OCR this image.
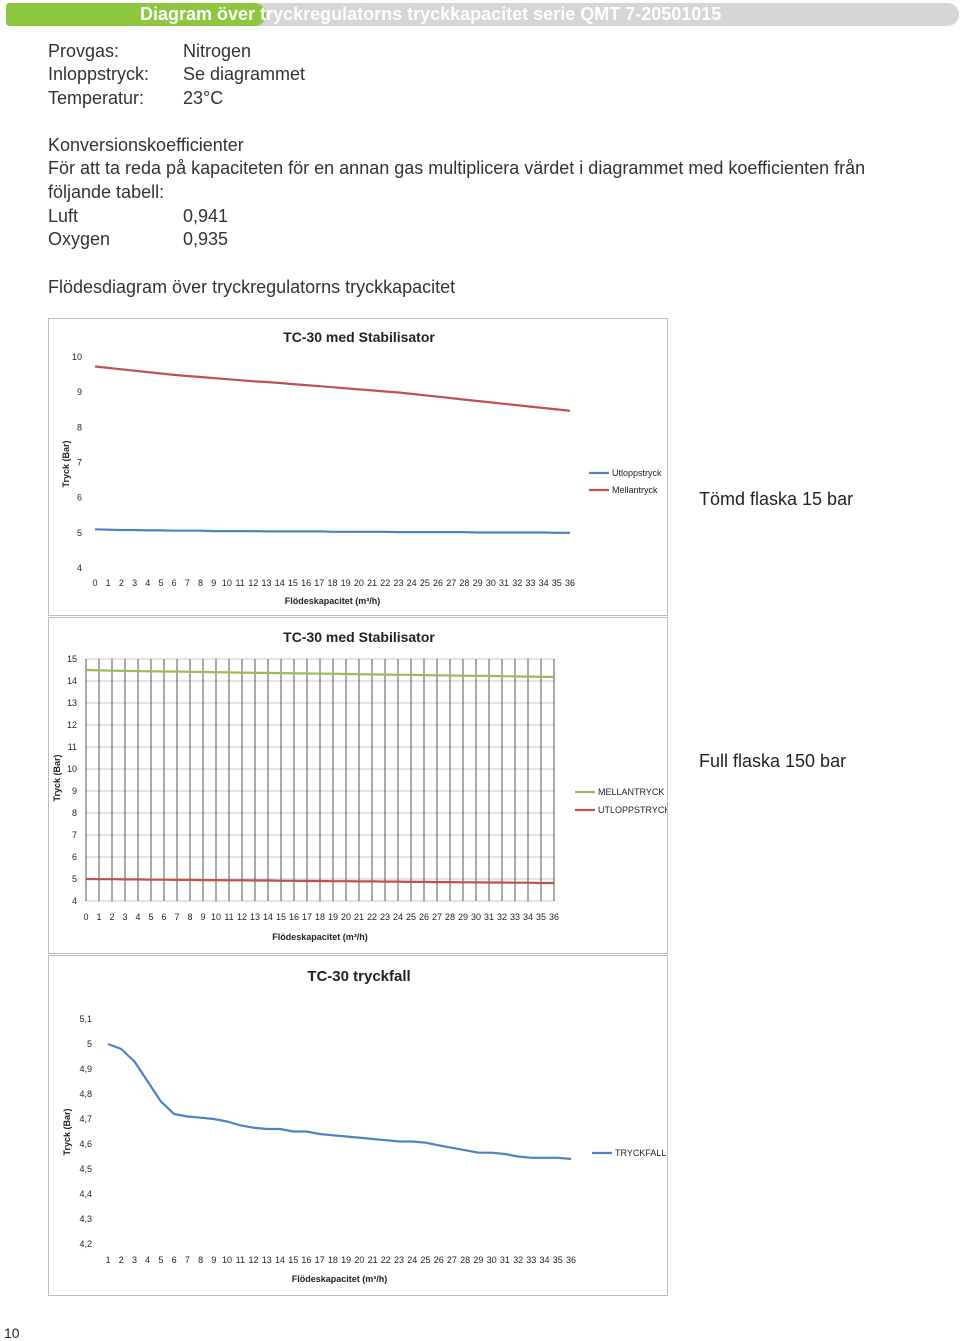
Diagram över tryckregulatorns tryckkapacitet serie QMT 7-20501015
Provgas:	Nitrogen
Inloppstryck: Se diagrammet
Temperatur: 23°C
Konversionskoefficienter
För att ta reda på kapaciteten för en annan gas multiplicera värdet i diagrammet med koefficienten från följande tabell:
Luft	0,941
Oxygen	0,935
Flödesdiagram över tryckregulatorns tryckkapacitet
TC-30 med Stabilisator
10
9
8
7
6
5
4
0 1 2 3 4 5 6 7 8 9 10 11 12 13 14 15 16 17 18 19 20 21 22 23 24 25 26 27 28 29 30 31 32 33 34 35 36
Flödeskapacitet (m³/h)
Tryck (Bar)	Utloppstryck
Mellantryck Tömd flaska 15 bar
TC-30 med Stabilisator
15
14
13
12
11
10
9
8
7
6
5
4
0 1 2 3 4 5 6 7 8 9 10 11 12 13 14 15 16 17 18 19 20 21 22 23 24 25 26 27 28 29 30 31 32 33 34 35 36
Flödeskapacitet (m³/h)
Tryck (Bar)	MELLANTRYCK
UTLOPPSTRYCK
Full flaska 150 bar
TC-30 tryckfall
5,1
5
4,9
4,8
4,7
4,6
4,5
4,4
4,3
4,2
1 2 3 4 5 6 7 8 9 10 11 12 13 14 15 16 17 18 19 20 21 22 23 24 25 26 27 28 29 30 31 32 33 34 35 36
Flödeskapacitet (m³/h)
Tryck (Bar)	TRYCKFALL
10
